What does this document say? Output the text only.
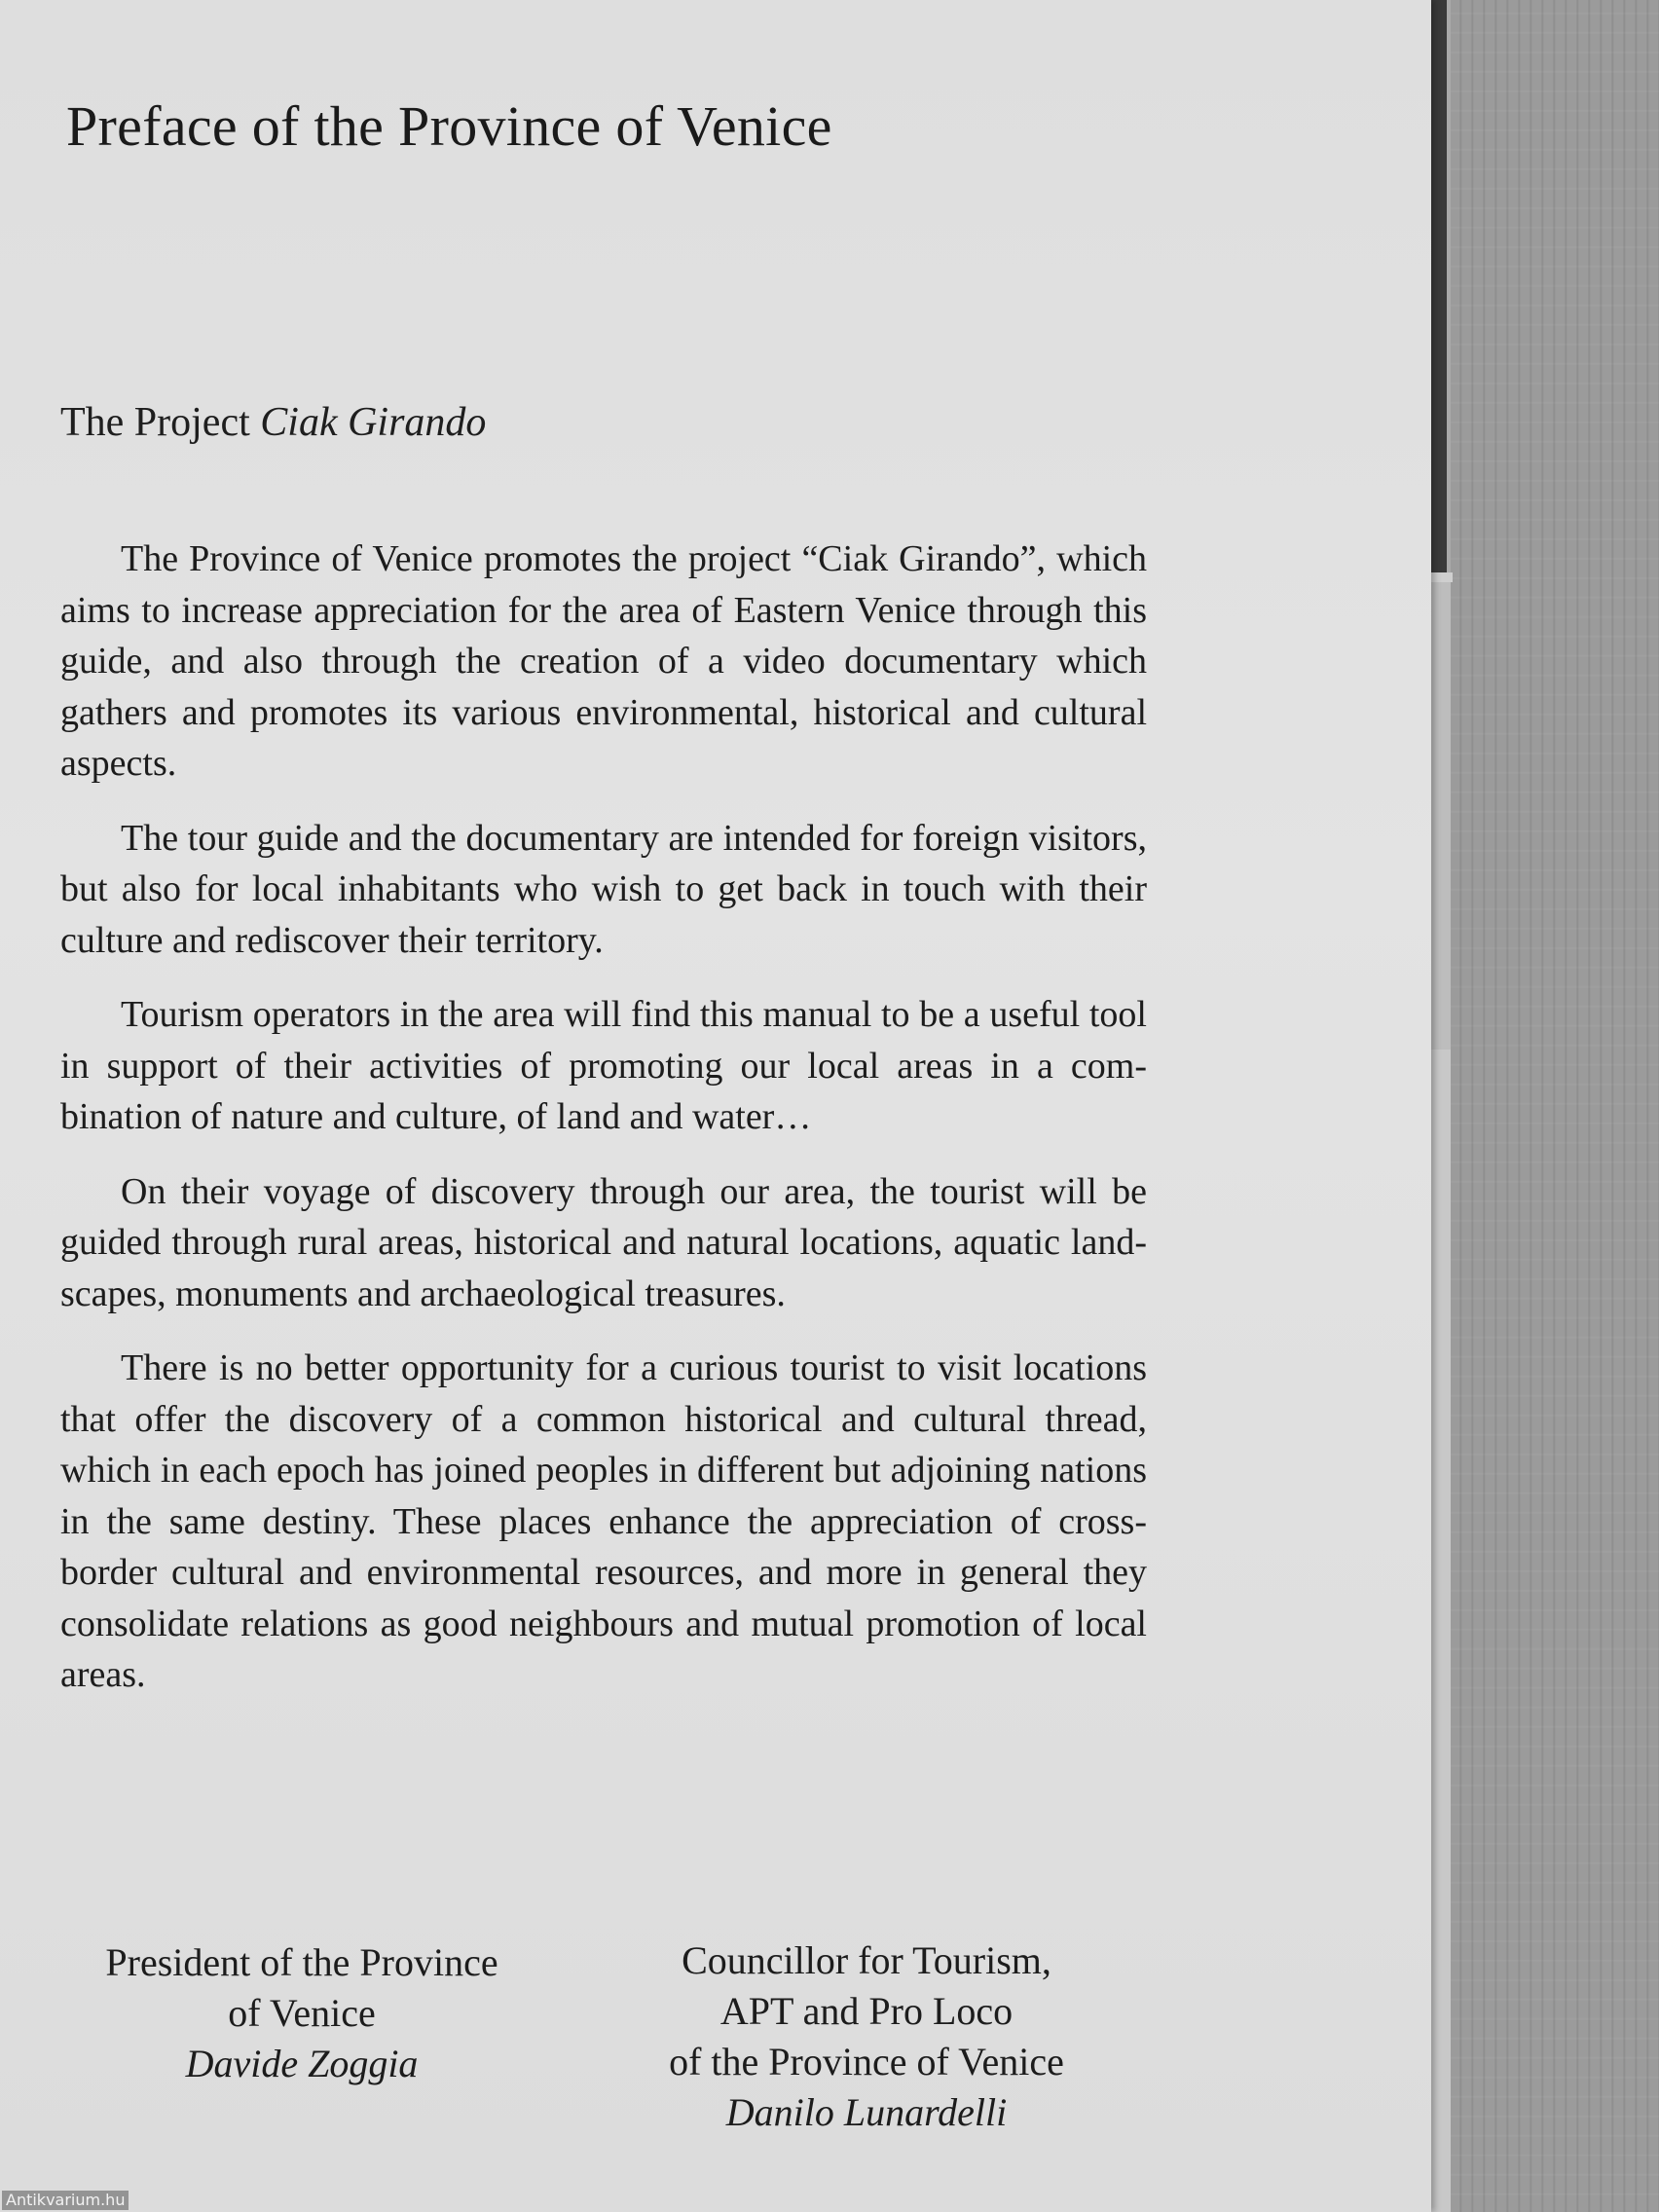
Preface of the Province of Venice
The Project Ciak Girando

The Province of Venice promotes the project “Ciak Girando”, which aims to increase appreciation for the area of Eastern Venice through this guide, and also through the creation of a video documentary which gathers and promotes its various environmental, historical and cultural aspects.

The tour guide and the documentary are intended for foreign visitors, but also for local inhabitants who wish to get back in touch with their culture and rediscover their territory.

Tourism operators in the area will find this manual to be a useful tool in support of their activities of promoting our local areas in a combination of nature and culture, of land and water…

On their voyage of discovery through our area, the tourist will be guided through rural areas, historical and natural locations, aquatic landscapes, monuments and archaeological treasures.

There is no better opportunity for a curious tourist to visit locations that offer the discovery of a common historical and cultural thread, which in each epoch has joined peoples in different but adjoining nations in the same destiny. These places enhance the appreciation of cross-border cultural and environmental resources, and more in general they consolidate relations as good neighbours and mutual promotion of local areas.

President of the Province
of Venice
Davide Zoggia
Councillor for Tourism,
APT and Pro Loco
of the Province of Venice
Danilo Lunardelli
Antikvarium.hu
